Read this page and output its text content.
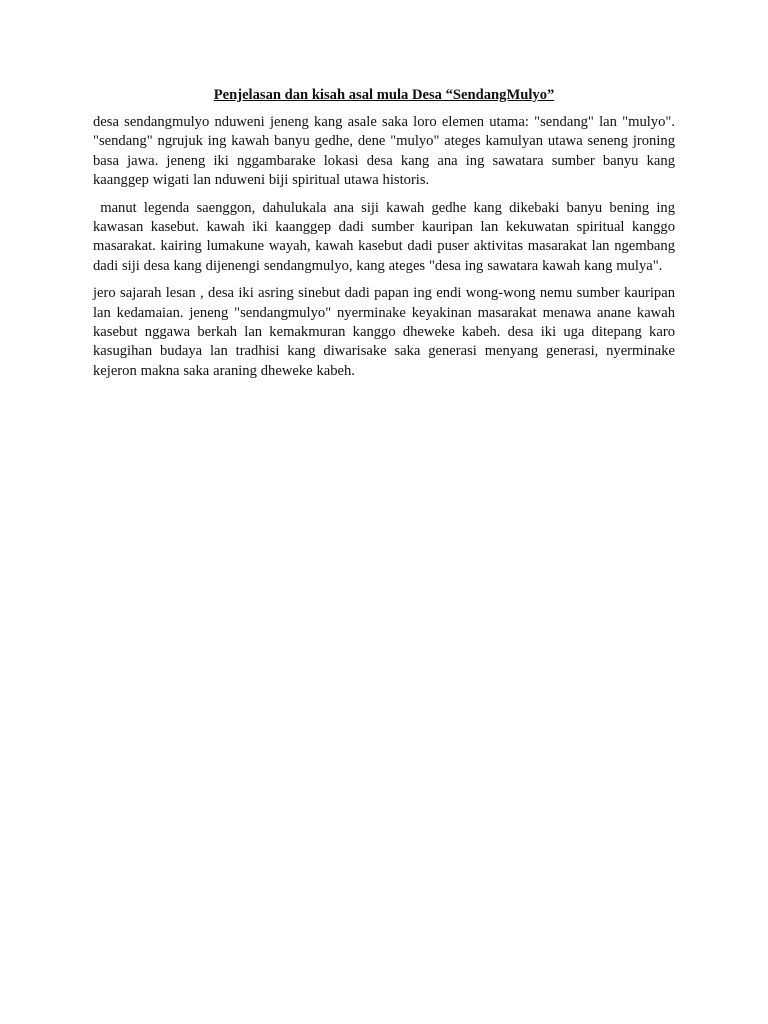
Penjelasan dan kisah asal mula Desa “SendangMulyo”

desa sendangmulyo nduweni jeneng kang asale saka loro elemen utama: "sendang" lan "mulyo". "sendang" ngrujuk ing kawah banyu gedhe, dene "mulyo" ateges kamulyan utawa seneng jroning basa jawa. jeneng iki nggambarake lokasi desa kang ana ing sawatara sumber banyu kang kaanggep wigati lan nduweni biji spiritual utawa historis.

manut legenda saenggon, dahulukala ana siji kawah gedhe kang dikebaki banyu bening ing kawasan kasebut. kawah iki kaanggep dadi sumber kauripan lan kekuwatan spiritual kanggo masarakat. kairing lumakune wayah, kawah kasebut dadi puser aktivitas masarakat lan ngembang dadi siji desa kang dijenengi sendangmulyo, kang ateges "desa ing sawatara kawah kang mulya".

jero sajarah lesan , desa iki asring sinebut dadi papan ing endi wong-wong nemu sumber kauripan lan kedamaian. jeneng "sendangmulyo" nyerminake keyakinan masarakat menawa anane kawah kasebut nggawa berkah lan kemakmuran kanggo dheweke kabeh. desa iki uga ditepang karo kasugihan budaya lan tradhisi kang diwarisake saka generasi menyang generasi, nyerminake kejeron makna saka araning dheweke kabeh.
